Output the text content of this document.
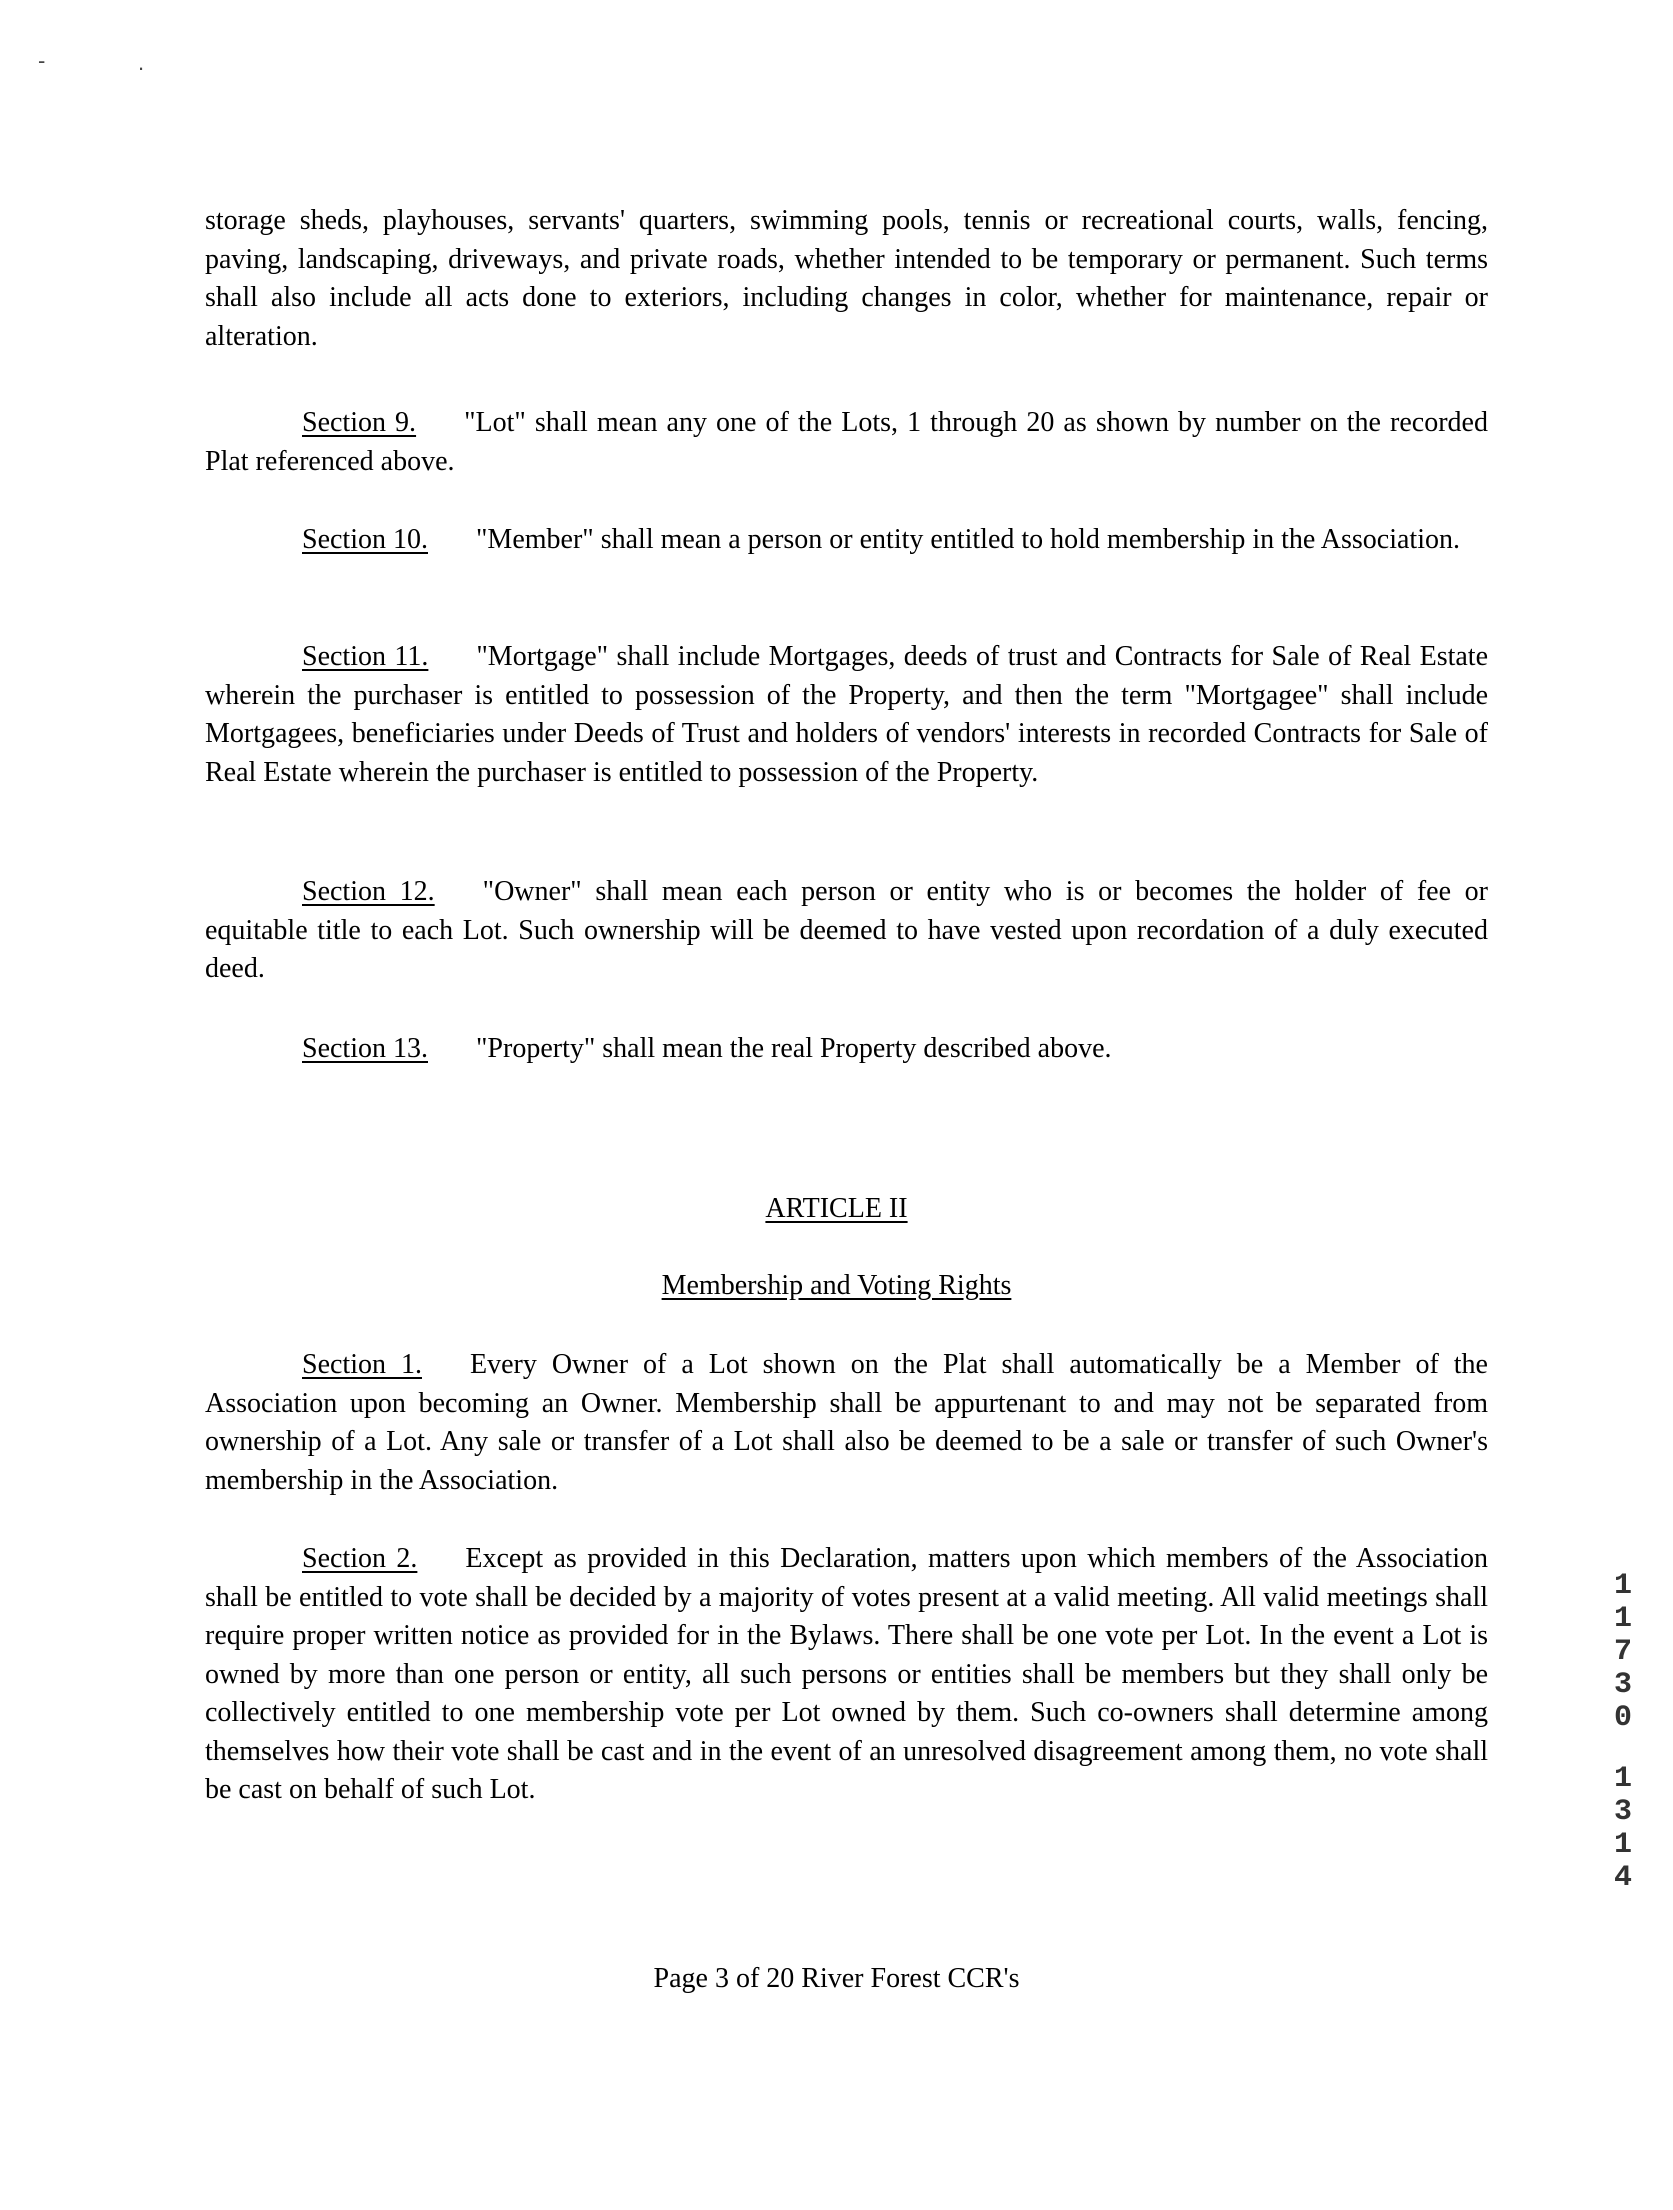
-	.

storage sheds, playhouses, servants' quarters, swimming pools, tennis or recreational courts, walls, fencing, paving, landscaping, driveways, and private roads, whether intended to be temporary or permanent. Such terms shall also include all acts done to exteriors, including changes in color, whether for maintenance, repair or alteration.

Section 9. "Lot" shall mean any one of the Lots, 1 through 20 as shown by number on the recorded Plat referenced above.

Section 10. "Member" shall mean a person or entity entitled to hold membership in the Association.

Section 11. "Mortgage" shall include Mortgages, deeds of trust and Contracts for Sale of Real Estate wherein the purchaser is entitled to possession of the Property, and then the term "Mortgagee" shall include Mortgagees, beneficiaries under Deeds of Trust and holders of vendors' interests in recorded Contracts for Sale of Real Estate wherein the purchaser is entitled to possession of the Property.

Section 12. "Owner" shall mean each person or entity who is or becomes the holder of fee or equitable title to each Lot. Such ownership will be deemed to have vested upon recordation of a duly executed deed.

Section 13. "Property" shall mean the real Property described above.

ARTICLE II
Membership and Voting Rights

Section 1. Every Owner of a Lot shown on the Plat shall automatically be a Member of the Association upon becoming an Owner. Membership shall be appurtenant to and may not be separated from ownership of a Lot. Any sale or transfer of a Lot shall also be deemed to be a sale or transfer of such Owner's membership in the Association.

Section 2. Except as provided in this Declaration, matters upon which members of the Association shall be entitled to vote shall be decided by a majority of votes present at a valid meeting. All valid meetings shall require proper written notice as provided for in the Bylaws. There shall be one vote per Lot. In the event a Lot is owned by more than one person or entity, all such persons or entities shall be members but they shall only be collectively entitled to one membership vote per Lot owned by them. Such co-owners shall determine among themselves how their vote shall be cast and in the event of an unresolved disagreement among them, no vote shall be cast on behalf of such Lot.

1
1
7
3
0
1
3
1
4
Page 3 of 20 River Forest CCR's
